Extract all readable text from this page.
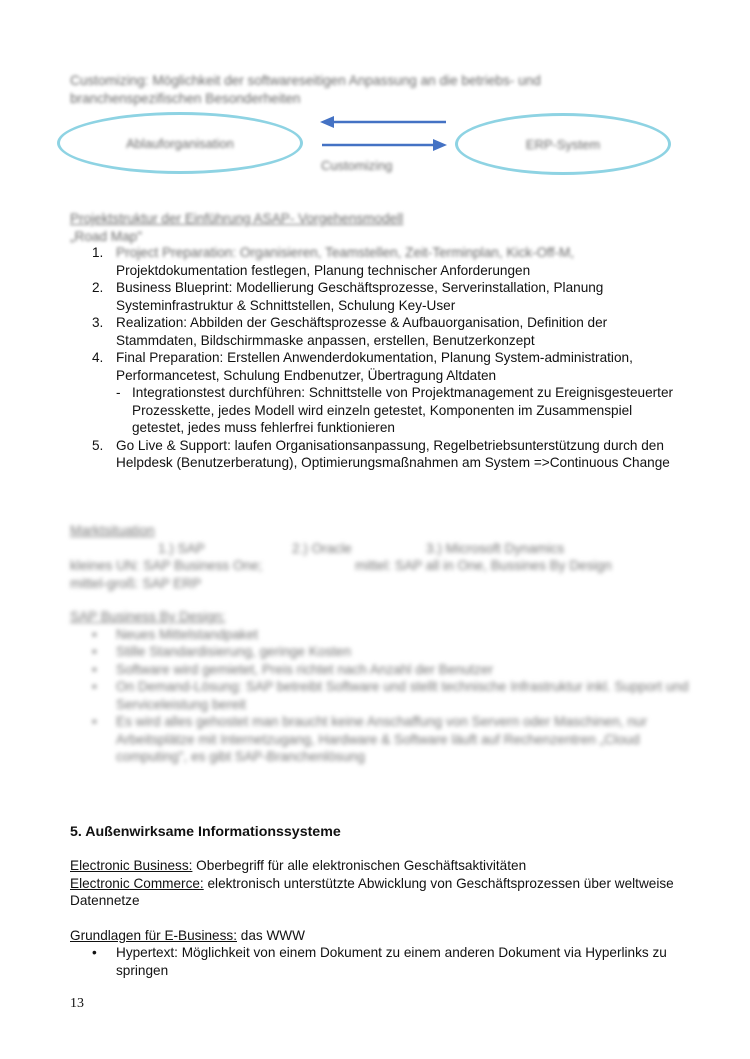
Customizing: Möglichkeit der softwareseitigen Anpassung an die betriebs- und branchenspezifischen Besonderheiten
Ablauforganisation	ERP-System
Customizing
Projektstruktur der Einführung ASAP- Vorgehensmodell
„Road Map"
1. Project Preparation: Organisieren, Teamstellen, Zeit-Terminplan, Kick-Off-M,
Projektdokumentation festlegen, Planung technischer Anforderungen
2. Business Blueprint: Modellierung Geschäftsprozesse, Serverinstallation, Planung Systeminfrastruktur & Schnittstellen, Schulung Key-User
3. Realization: Abbilden der Geschäftsprozesse & Aufbauorganisation, Definition der Stammdaten, Bildschirmmaske anpassen, erstellen, Benutzerkonzept
4. Final Preparation: Erstellen Anwenderdokumentation, Planung System-administration, Performancetest, Schulung Endbenutzer, Übertragung Altdaten
- Integrationstest durchführen: Schnittstelle von Projektmanagement zu Ereignisgesteuerter Prozesskette, jedes Modell wird einzeln getestet, Komponenten im Zusammenspiel getestet, jedes muss fehlerfrei funktionieren
5. Go Live & Support: laufen Organisationsanpassung, Regelbetriebsunterstützung durch den Helpdesk (Benutzerberatung), Optimierungsmaßnahmen am System =>Continuous Change
Marktsituation
1.) SAP	2.) Oracle	3.) Microsoft Dynamics
kleines UN: SAP Business One;	mittel: SAP all in One, Bussines By Design
mittel-groß: SAP ERP
SAP Business By Design:
• Neues Mittelstandpaket
• Stille Standardisierung, geringe Kosten
• Software wird gemietet, Preis richtet nach Anzahl der Benutzer
• On Demand-Lösung: SAP betreibt Software und stellt technische Infrastruktur inkl. Support und Serviceleistung bereit
• Es wird alles gehostet man braucht keine Anschaffung von Servern oder Maschinen, nur Arbeitsplätze mit Internetzugang, Hardware & Software läuft auf Rechenzentren „Cloud computing", es gibt SAP-Branchenlösung
5. Außenwirksame Informationssysteme
Electronic Business: Oberbegriff für alle elektronischen Geschäftsaktivitäten
Electronic Commerce: elektronisch unterstützte Abwicklung von Geschäftsprozessen über weltweise Datennetze
Grundlagen für E-Business: das WWW
• Hypertext: Möglichkeit von einem Dokument zu einem anderen Dokument via Hyperlinks zu springen
13
